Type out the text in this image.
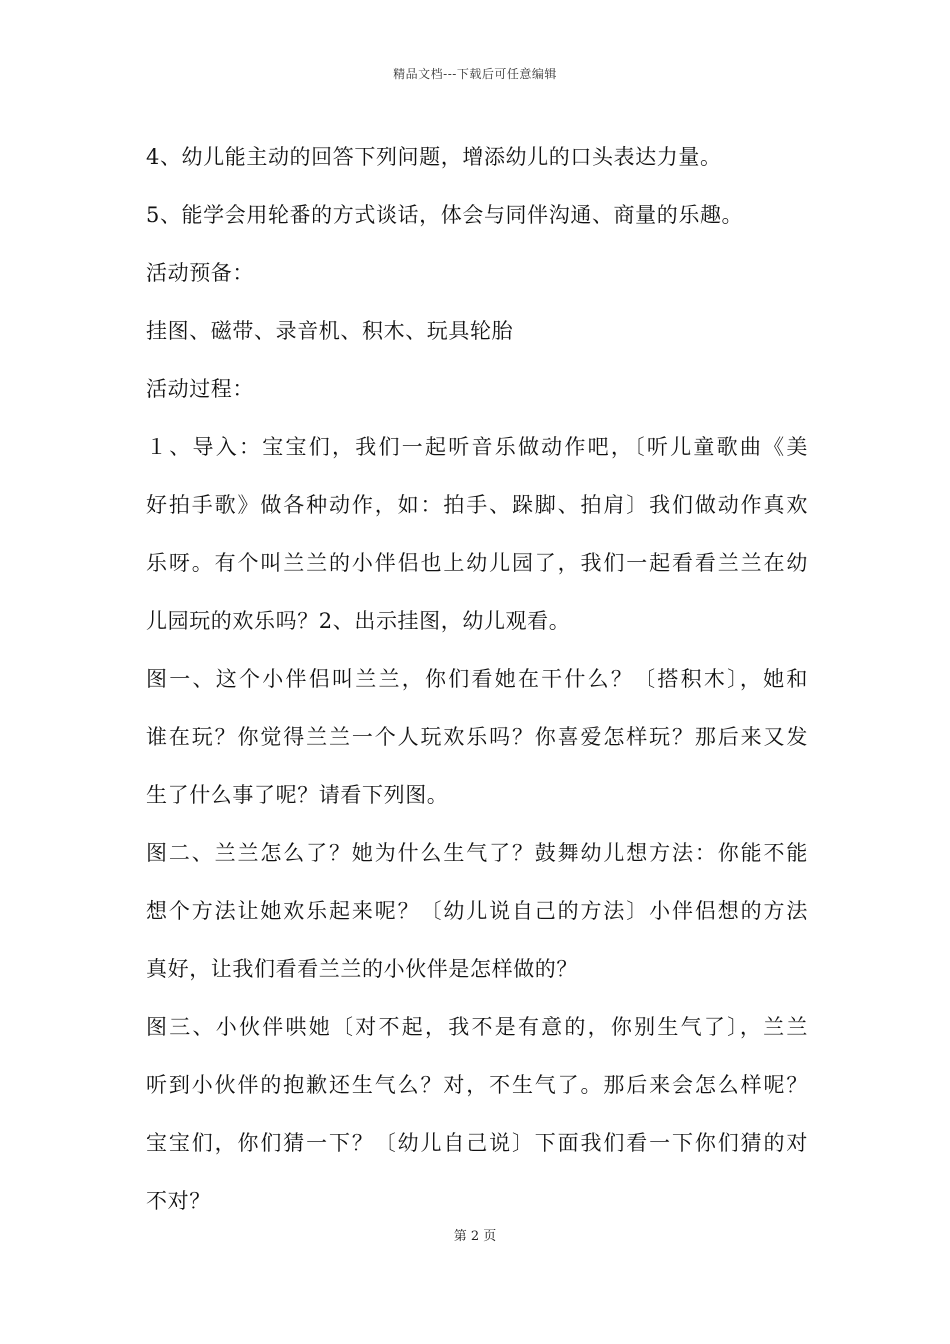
精品文档---下载后可任意编辑
4、幼儿能主动的回答下列问题，增添幼儿的口头表达力量。
5、能学会用轮番的方式谈话，体会与同伴沟通、商量的乐趣。
活动预备：
挂图、磁带、录音机、积木、玩具轮胎
活动过程：
１、导入：宝宝们，我们一起听音乐做动作吧，〔听儿童歌曲《美
好拍手歌》做各种动作，如：拍手、跺脚、拍肩〕我们做动作真欢
乐呀。有个叫兰兰的小伴侣也上幼儿园了，我们一起看看兰兰在幼
儿园玩的欢乐吗？2、出示挂图，幼儿观看。
图一、这个小伴侣叫兰兰，你们看她在干什么？〔搭积木〕，她和
谁在玩？你觉得兰兰一个人玩欢乐吗？你喜爱怎样玩？那后来又发
生了什么事了呢？请看下列图。
图二、兰兰怎么了？她为什么生气了？鼓舞幼儿想方法：你能不能
想个方法让她欢乐起来呢？〔幼儿说自己的方法〕小伴侣想的方法
真好，让我们看看兰兰的小伙伴是怎样做的？
图三、小伙伴哄她〔对不起，我不是有意的，你别生气了〕，兰兰
听到小伙伴的抱歉还生气么？对，不生气了。那后来会怎么样呢？
宝宝们，你们猜一下？〔幼儿自己说〕下面我们看一下你们猜的对
不对？
第 2 页
